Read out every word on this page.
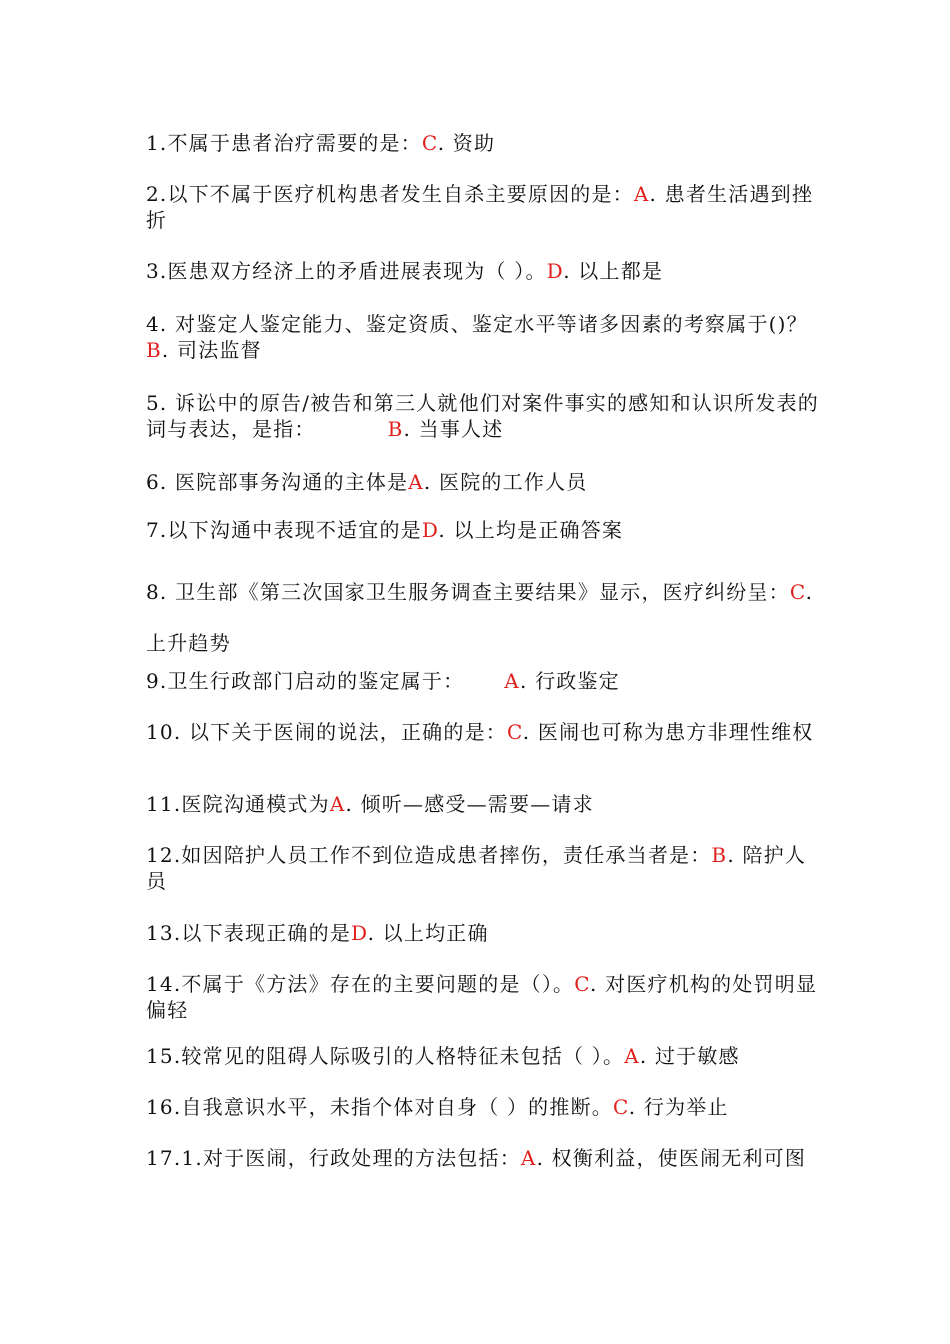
1.不属于患者治疗需要的是：C. 资助
2.以下不属于医疗机构患者发生自杀主要原因的是：A. 患者生活遇到挫折
3.医患双方经济上的矛盾进展表现为（ ）。D. 以上都是
4. 对鉴定人鉴定能力、鉴定资质、鉴定水平等诸多因素的考察属于()？B. 司法监督
5. 诉讼中的原告/被告和第三人就他们对案件事实的感知和认识所发表的词与表达，是指：	B. 当事人述
6. 医院部事务沟通的主体是A. 医院的工作人员
7.以下沟通中表现不适宜的是D. 以上均是正确答案
8. 卫生部《第三次国家卫生服务调查主要结果》显示，医疗纠纷呈：C. 上升趋势
9.卫生行政部门启动的鉴定属于： A. 行政鉴定
10. 以下关于医闹的说法，正确的是：C. 医闹也可称为患方非理性维权
11.医院沟通模式为A. 倾听—感受—需要—请求
12.如因陪护人员工作不到位造成患者摔伤，责任承当者是：B. 陪护人员
13.以下表现正确的是D. 以上均正确
14.不属于《方法》存在的主要问题的是（）。C. 对医疗机构的处罚明显偏轻
15.较常见的阻碍人际吸引的人格特征未包括（ ）。A. 过于敏感
16.自我意识水平，未指个体对自身（ ）的推断。C. 行为举止
17.1.对于医闹，行政处理的方法包括：A. 权衡利益，使医闹无利可图
